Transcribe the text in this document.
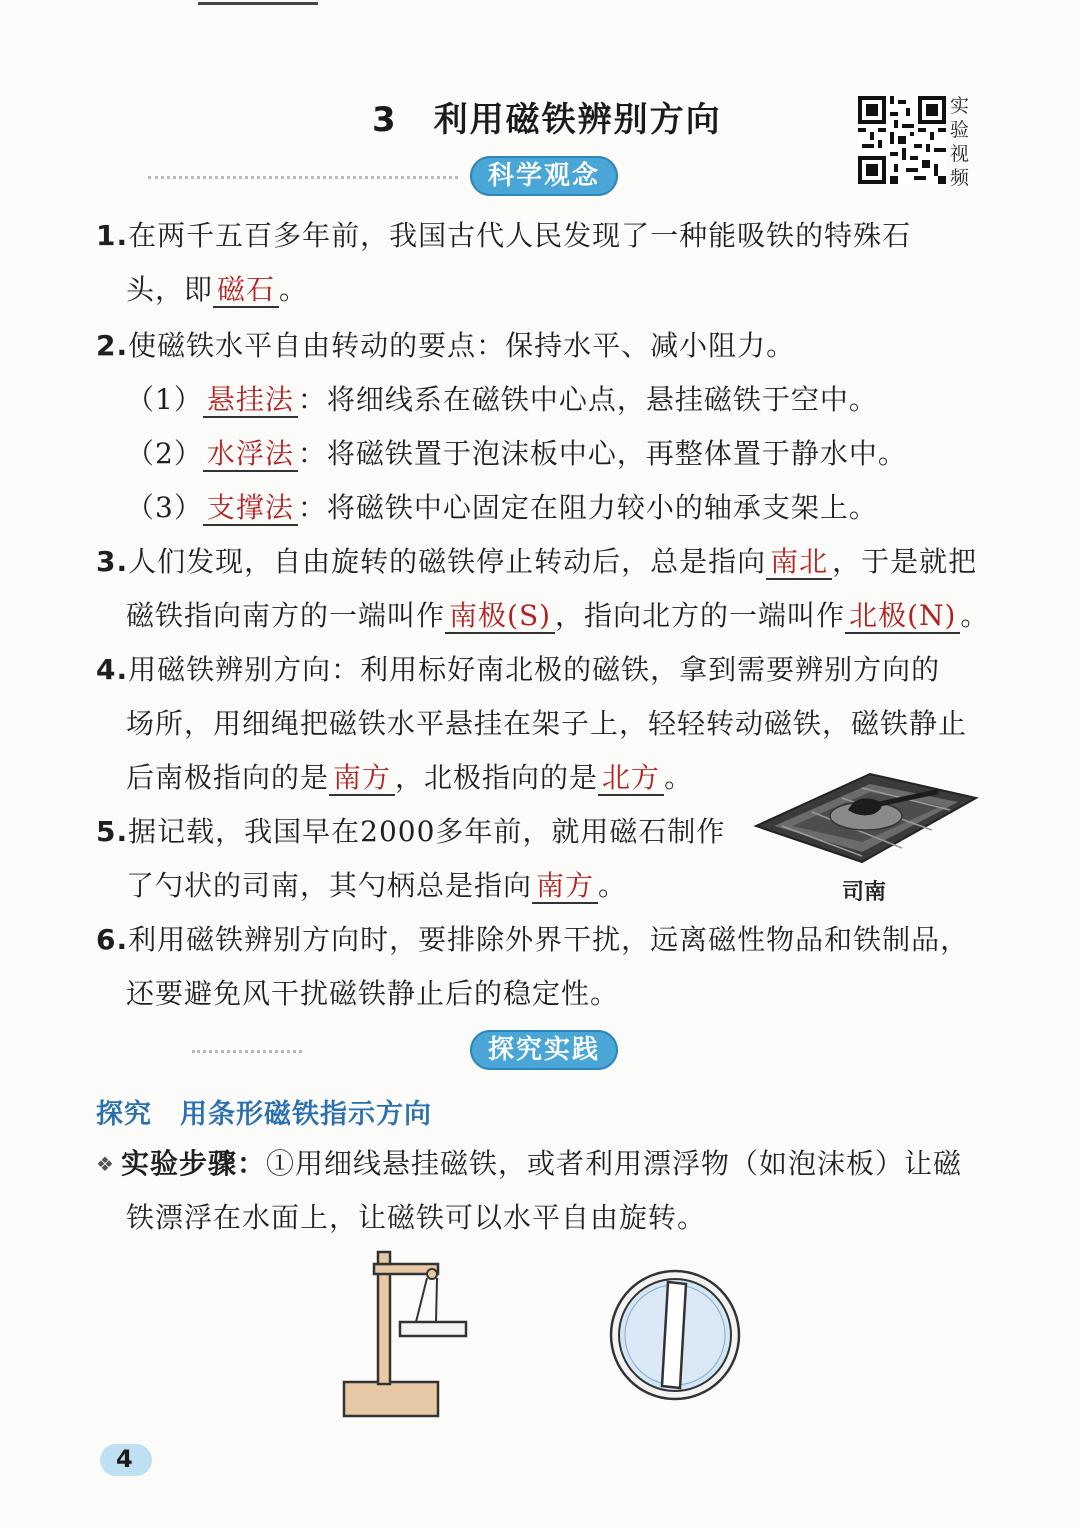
3 利用磁铁辨别方向	实
验
视
频
科学观念
1.在两千五百多年前，我国古代人民发现了一种能吸铁的特殊石
头，即 磁石 。
2.使磁铁水平自由转动的要点：保持水平、减小阻力。
（1） 悬挂法 ：将细线系在磁铁中心点，悬挂磁铁于空中。
（2） 水浮法 ：将磁铁置于泡沫板中心，再整体置于静水中。
（3） 支撑法 ：将磁铁中心固定在阻力较小的轴承支架上。
3.人们发现，自由旋转的磁铁停止转动后，总是指向 南北 ，于是就把
磁铁指向南方的一端叫作 南极(S) ，指向北方的一端叫作 北极(N) 。
4.用磁铁辨别方向：利用标好南北极的磁铁，拿到需要辨别方向的
场所，用细绳把磁铁水平悬挂在架子上，轻轻转动磁铁，磁铁静止
后南极指向的是 南方 ，北极指向的是 北方 。
5.据记载，我国早在2000多年前，就用磁石制作
了勺状的司南，其勺柄总是指向 南方 。	司南
6.利用磁铁辨别方向时，要排除外界干扰，远离磁性物品和铁制品，
还要避免风干扰磁铁静止后的稳定性。
探究实践
探究 用条形磁铁指示方向
❖ 实验步骤：①用细线悬挂磁铁，或者利用漂浮物（如泡沫板）让磁
铁漂浮在水面上，让磁铁可以水平自由旋转。
4
